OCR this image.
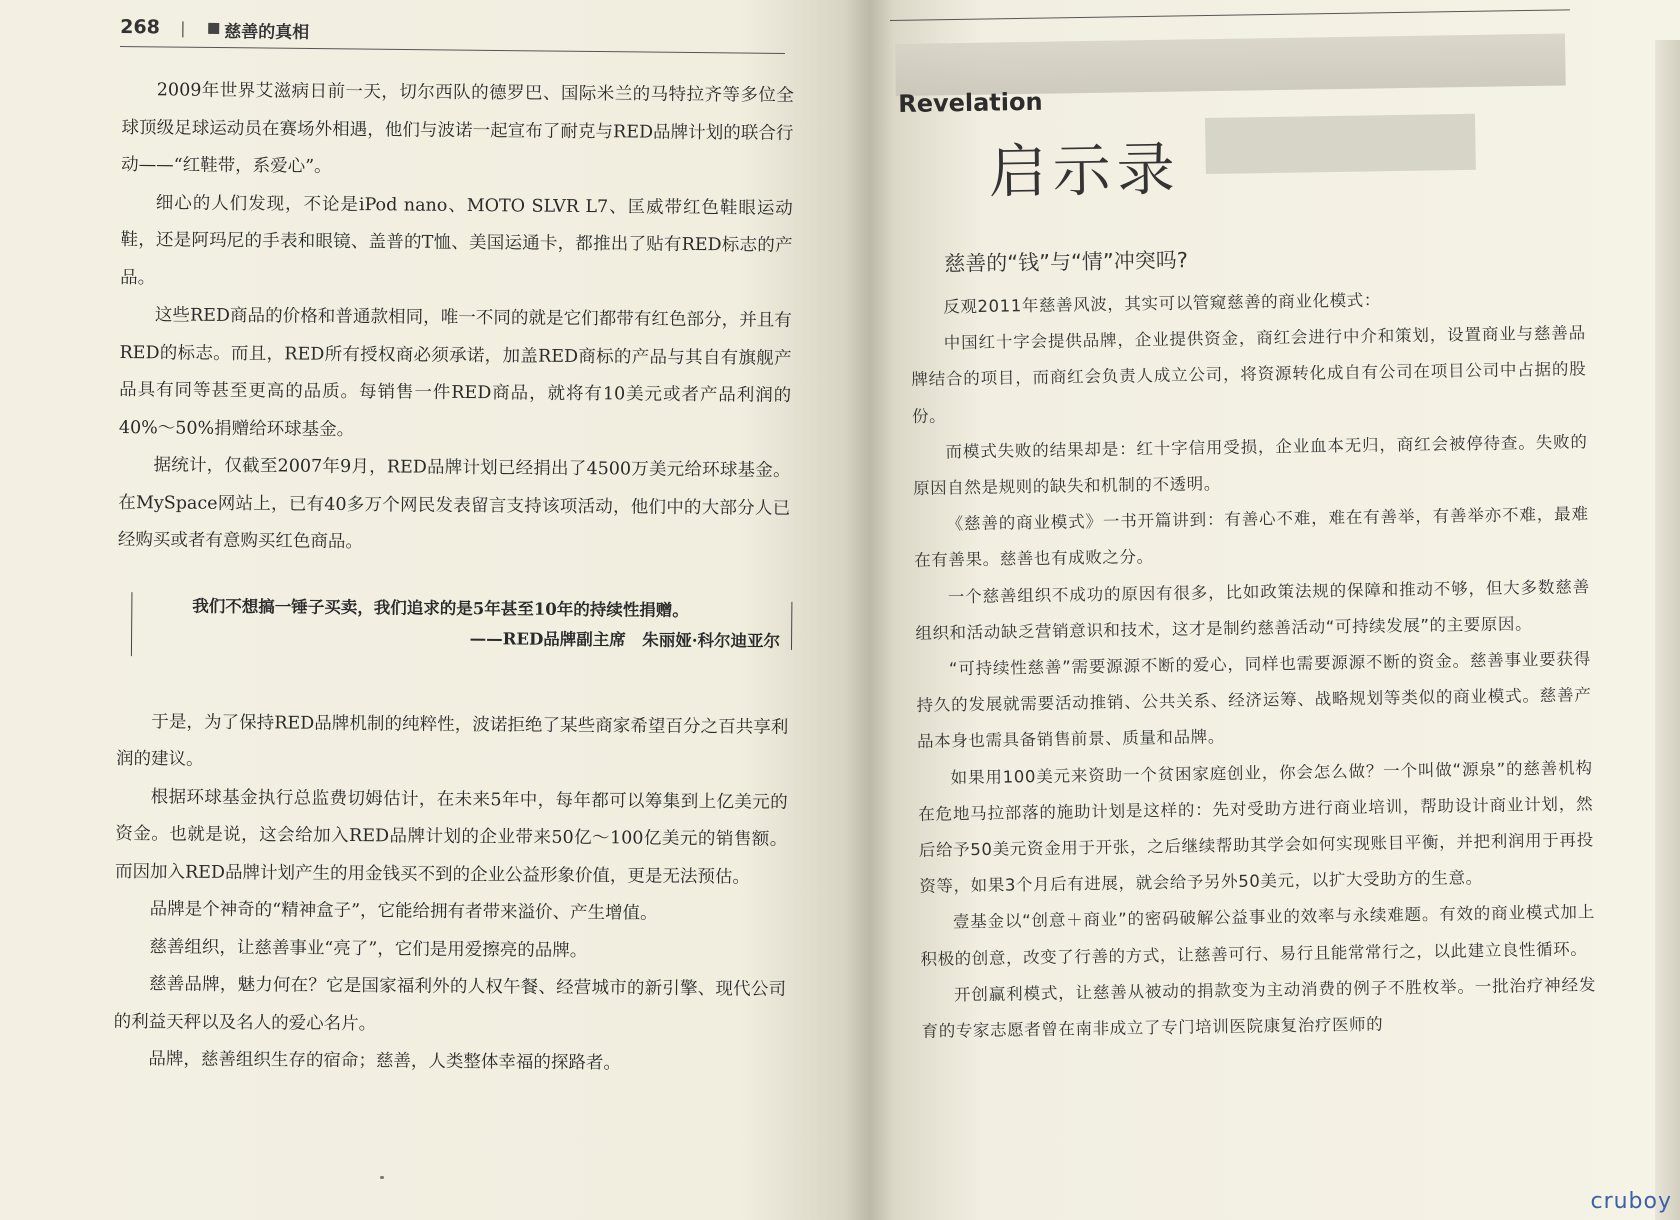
268 | 慈善的真相

2009年世界艾滋病日前一天，切尔西队的德罗巴、国际米兰的马特拉齐等多位全球顶级足球运动员在赛场外相遇，他们与波诺一起宣布了耐克与RED品牌计划的联合行动——“红鞋带，系爱心”。

细心的人们发现，不论是iPod nano、MOTO SLVR L7、匡威带红色鞋眼运动鞋，还是阿玛尼的手表和眼镜、盖普的T恤、美国运通卡，都推出了贴有RED标志的产品。

这些RED商品的价格和普通款相同，唯一不同的就是它们都带有红色部分，并且有RED的标志。而且，RED所有授权商必须承诺，加盖RED商标的产品与其自有旗舰产品具有同等甚至更高的品质。每销售一件RED商品，就将有10美元或者产品利润的40%～50%捐赠给环球基金。

据统计，仅截至2007年9月，RED品牌计划已经捐出了4500万美元给环球基金。在MySpace网站上，已有40多万个网民发表留言支持该项活动，他们中的大部分人已经购买或者有意购买红色商品。

我们不想搞一锤子买卖，我们追求的是5年甚至10年的持续性捐赠。
——RED品牌副主席　朱丽娅·科尔迪亚尔

于是，为了保持RED品牌机制的纯粹性，波诺拒绝了某些商家希望百分之百共享利润的建议。

根据环球基金执行总监费切姆估计，在未来5年中，每年都可以筹集到上亿美元的资金。也就是说，这会给加入RED品牌计划的企业带来50亿～100亿美元的销售额。而因加入RED品牌计划产生的用金钱买不到的企业公益形象价值，更是无法预估。

品牌是个神奇的“精神盒子”，它能给拥有者带来溢价、产生增值。

慈善组织，让慈善事业“亮了”，它们是用爱擦亮的品牌。

慈善品牌，魅力何在？它是国家福利外的人权午餐、经营城市的新引擎、现代公司的利益天秤以及名人的爱心名片。

品牌，慈善组织生存的宿命；慈善，人类整体幸福的探路者。

Revelation
启示录
慈善的“钱”与“情”冲突吗?

反观2011年慈善风波，其实可以管窥慈善的商业化模式：

中国红十字会提供品牌，企业提供资金，商红会进行中介和策划，设置商业与慈善品牌结合的项目，而商红会负责人成立公司，将资源转化成自有公司在项目公司中占据的股份。

而模式失败的结果却是：红十字信用受损，企业血本无归，商红会被停待查。失败的原因自然是规则的缺失和机制的不透明。

《慈善的商业模式》一书开篇讲到：有善心不难，难在有善举，有善举亦不难，最难在有善果。慈善也有成败之分。

一个慈善组织不成功的原因有很多，比如政策法规的保障和推动不够，但大多数慈善组织和活动缺乏营销意识和技术，这才是制约慈善活动“可持续发展”的主要原因。

“可持续性慈善”需要源源不断的爱心，同样也需要源源不断的资金。慈善事业要获得持久的发展就需要活动推销、公共关系、经济运筹、战略规划等类似的商业模式。慈善产品本身也需具备销售前景、质量和品牌。

如果用100美元来资助一个贫困家庭创业，你会怎么做？一个叫做“源泉”的慈善机构在危地马拉部落的施助计划是这样的：先对受助方进行商业培训，帮助设计商业计划，然后给予50美元资金用于开张，之后继续帮助其学会如何实现账目平衡，并把利润用于再投资等，如果3个月后有进展，就会给予另外50美元，以扩大受助方的生意。

壹基金以“创意＋商业”的密码破解公益事业的效率与永续难题。有效的商业模式加上积极的创意，改变了行善的方式，让慈善可行、易行且能常常行之，以此建立良性循环。

开创赢利模式，让慈善从被动的捐款变为主动消费的例子不胜枚举。一批治疗神经发育的专家志愿者曾在南非成立了专门培训医院康复治疗医师的

cruboy
